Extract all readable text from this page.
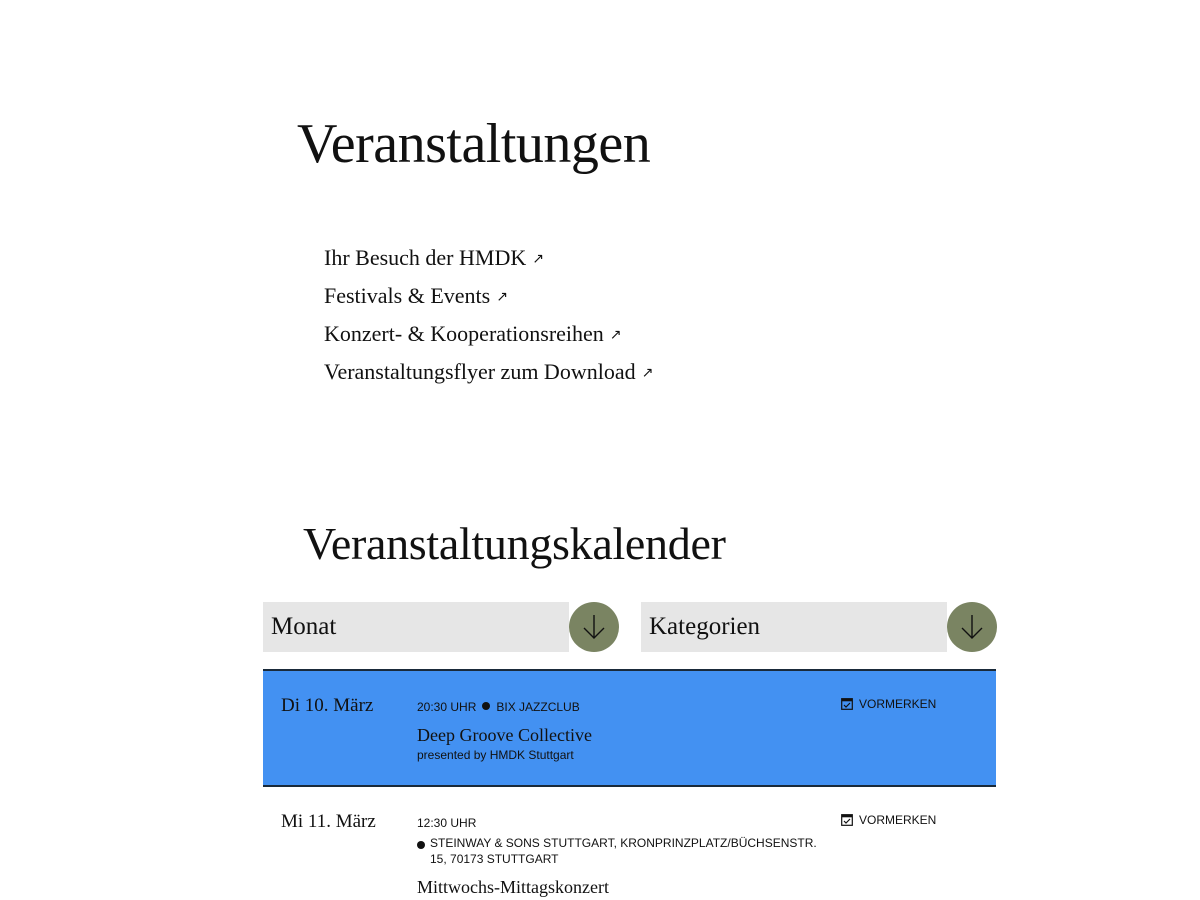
Veranstaltungen
Ihr Besuch der HMDK ↗
Festivals & Events ↗
Konzert- & Kooperationsreihen ↗
Veranstaltungsflyer zum Download ↗
Veranstaltungskalender
Monat	Kategorien
Di 10. März	20:30 UHR BIX JAZZCLUB
Deep Groove Collective
presented by HMDK Stuttgart
VORMERKEN
Mi 11. März	12:30 UHR
STEINWAY & SONS STUTTGART, KRONPRINZPLATZ/BÜCHSENSTR. 15, 70173 STUTTGART
Mittwochs-Mittagskonzert
VORMERKEN
